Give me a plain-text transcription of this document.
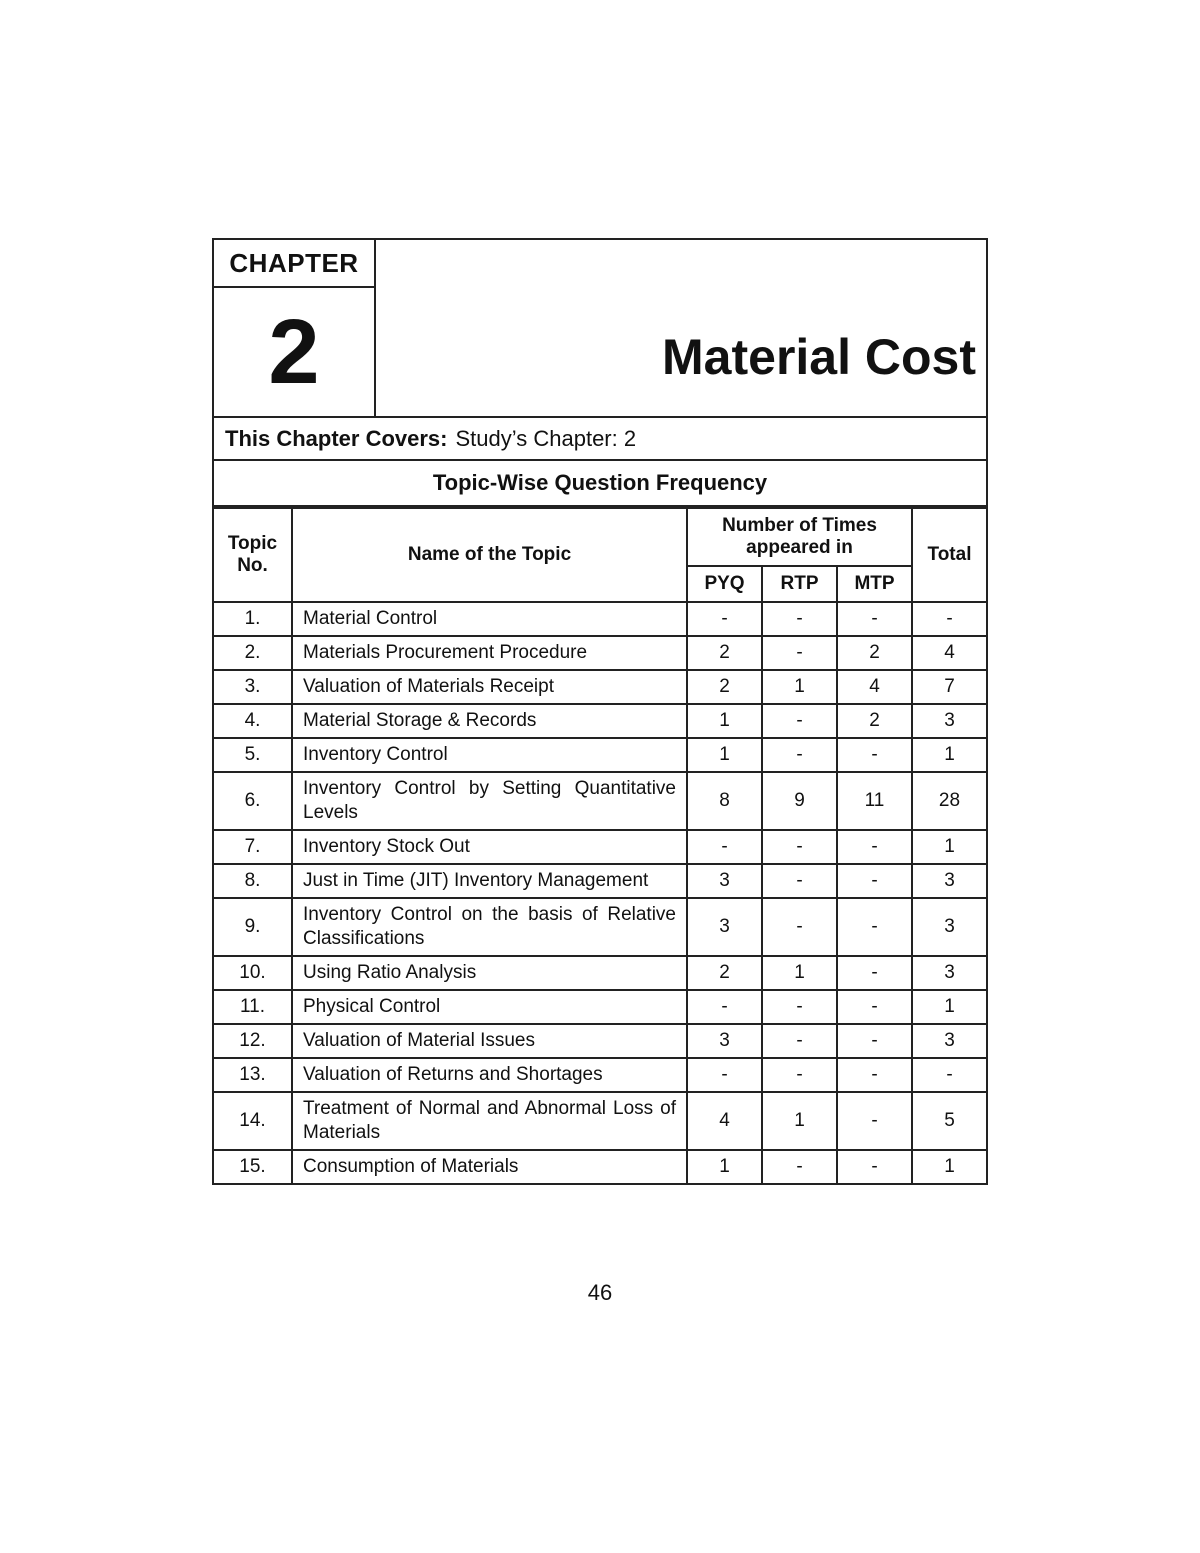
CHAPTER
2	Material Cost
This Chapter Covers: Study’s Chapter: 2
Topic-Wise Question Frequency
Topic No.	Name of the Topic	Number of Times appeared in			Total
		PYQ	RTP	MTP	
1.	Material Control	-	-	-	-
2.	Materials Procurement Procedure	2	-	2	4
3.	Valuation of Materials Receipt	2	1	4	7
4.	Material Storage & Records	1	-	2	3
5.	Inventory Control	1	-	-	1
6.	Inventory Control by Setting Quantitative Levels	8	9	11	28
7.	Inventory Stock Out	-	-	-	1
8.	Just in Time (JIT) Inventory Management	3	-	-	3
9.	Inventory Control on the basis of Relative Classifications	3	-	-	3
10.	Using Ratio Analysis	2	1	-	3
11.	Physical Control	-	-	-	1
12.	Valuation of Material Issues	3	-	-	3
13.	Valuation of Returns and Shortages	-	-	-	-
14.	Treatment of Normal and Abnormal Loss of Materials	4	1	-	5
15.	Consumption of Materials	1	-	-	1
46
